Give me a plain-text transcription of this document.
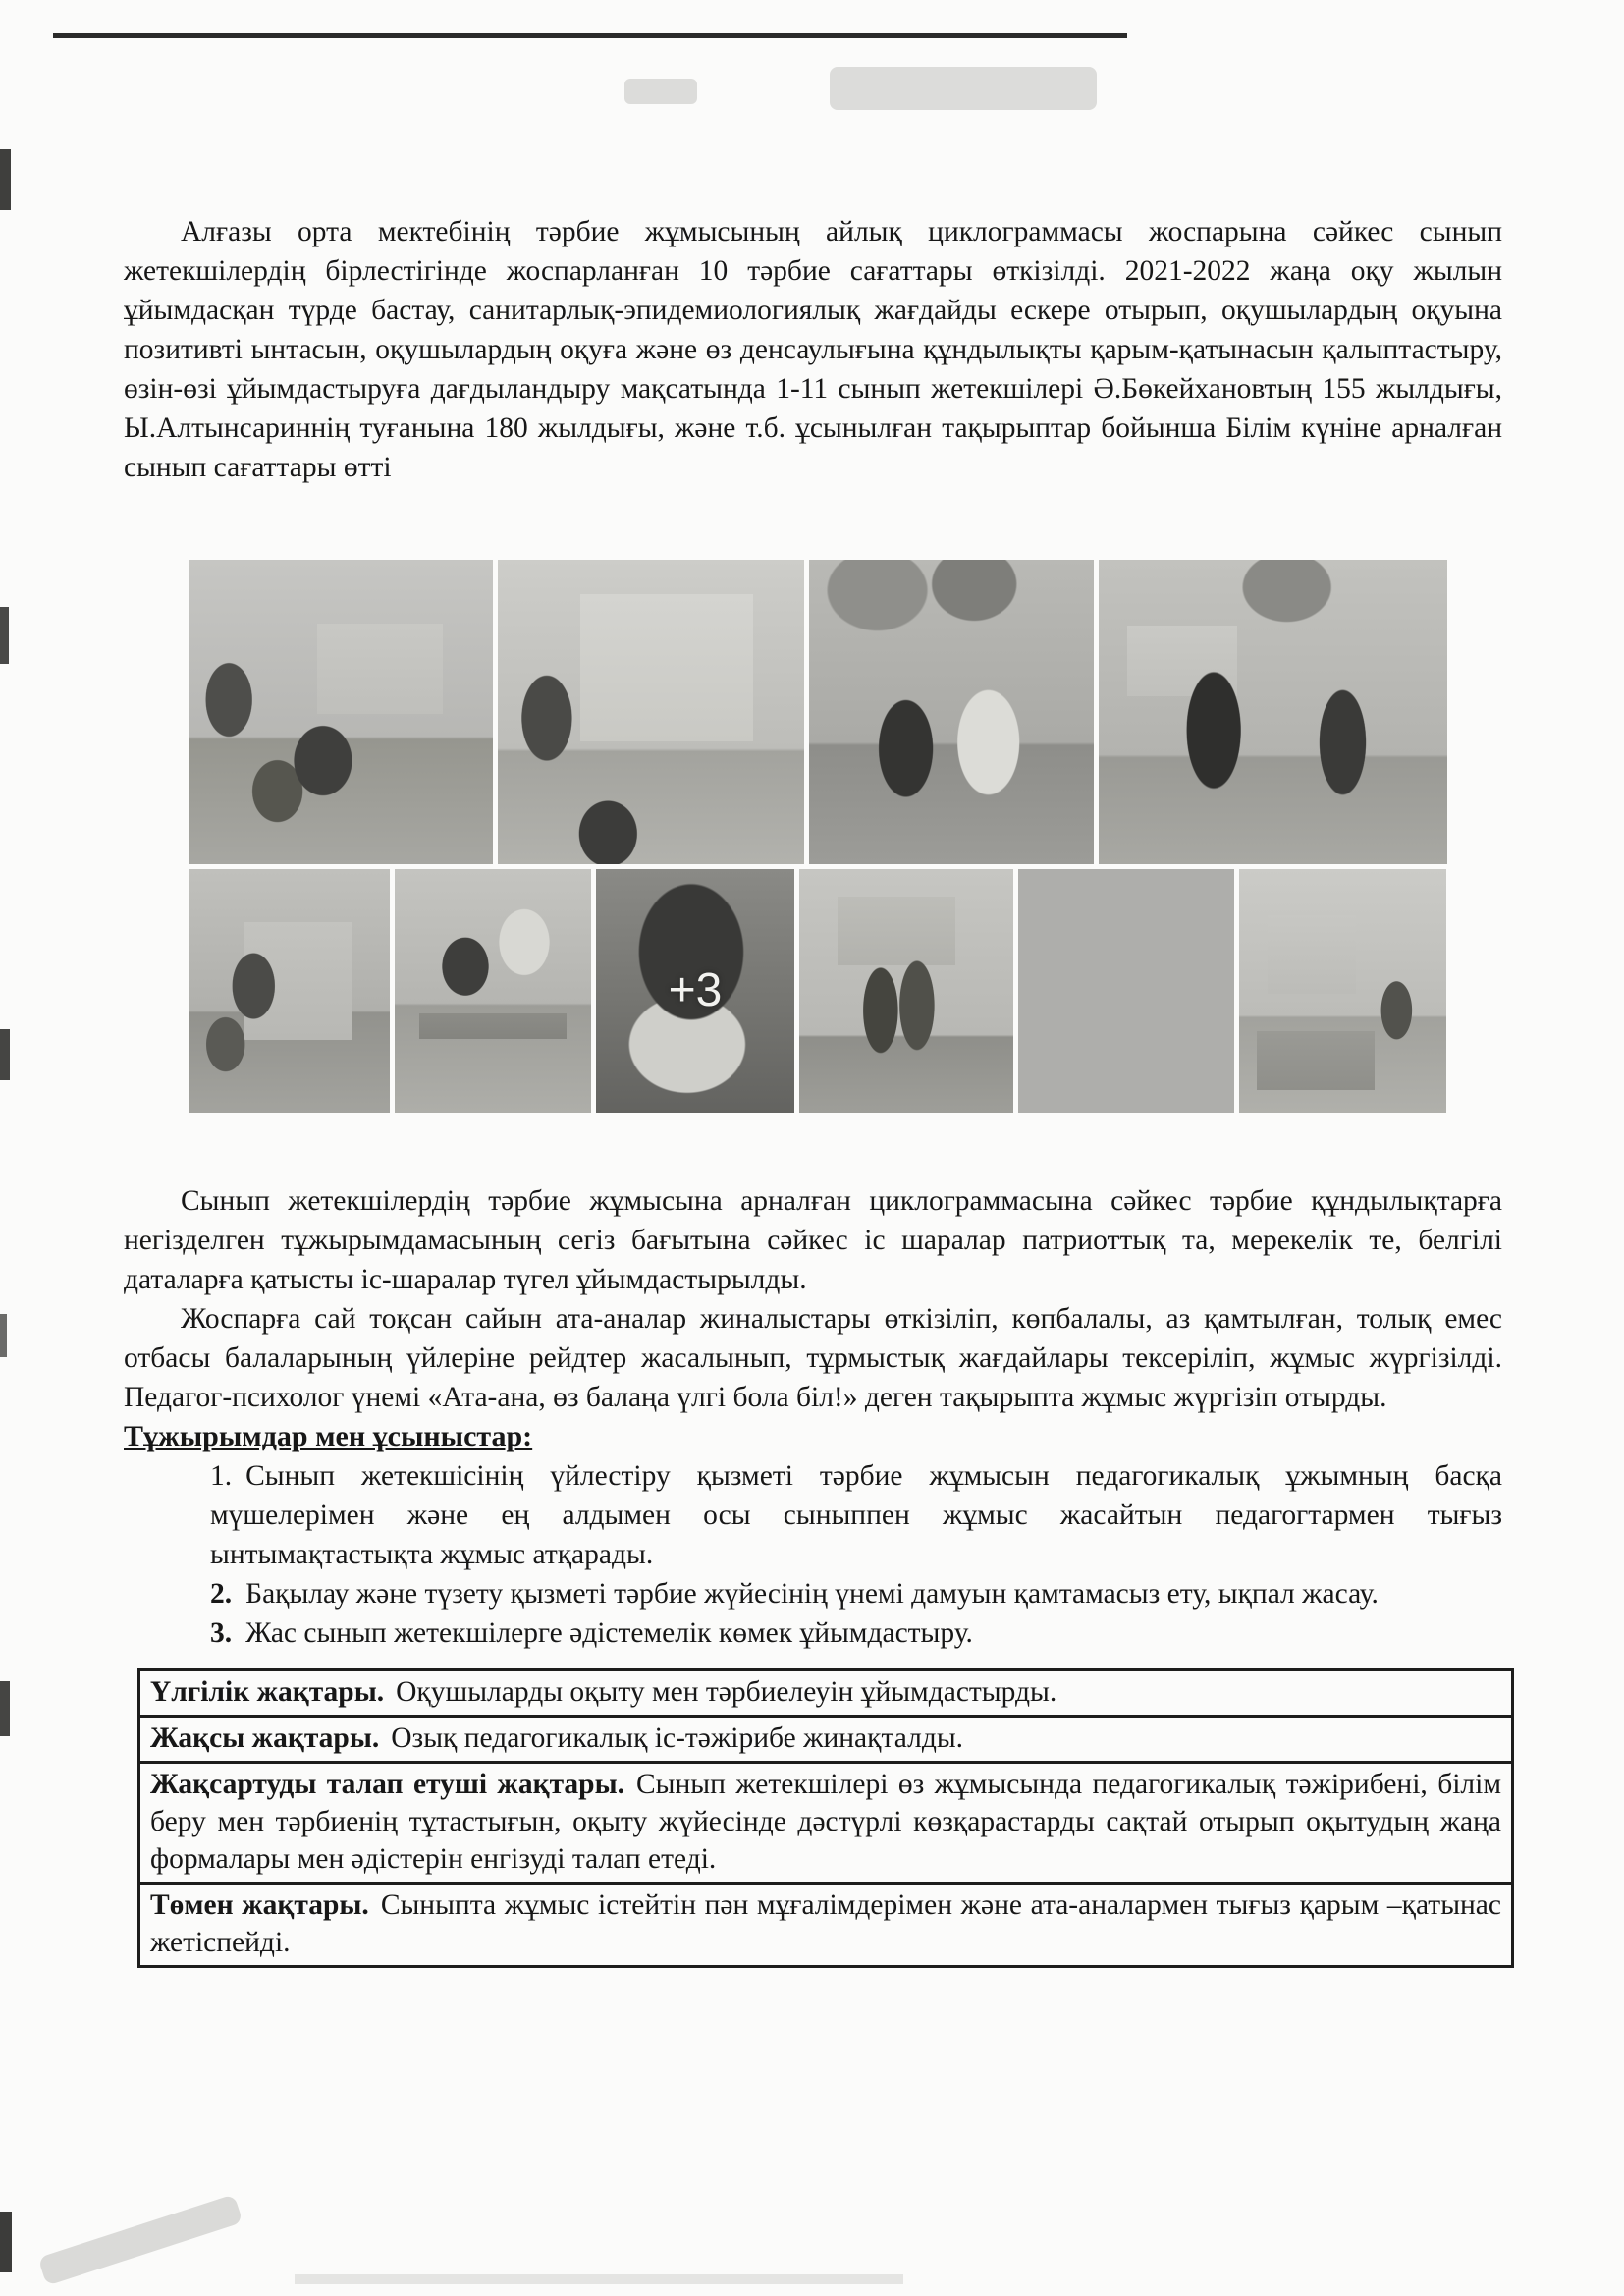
Алғазы орта мектебінің тәрбие жұмысының айлық циклограммасы жоспарына сәйкес сынып жетекшілердің бірлестігінде жоспарланған 10 тәрбие сағаттары өткізілді. 2021-2022 жаңа оқу жылын ұйымдасқан түрде бастау, санитарлық-эпидемиологиялық жағдайды ескере отырып, оқушылардың оқуына позитивті ынтасын, оқушылардың оқуға және өз денсаулығына құндылықты қарым-қатынасын қалыптастыру, өзін-өзі ұйымдастыруға дағдыландыру мақсатында 1-11 сынып жетекшілері Ә.Бөкейхановтың 155 жылдығы, Ы.Алтынсариннің туғанына 180 жылдығы, және т.б. ұсынылған тақырыптар бойынша Білім күніне арналған сынып сағаттары өтті

+3

Сынып жетекшілердің тәрбие жұмысына арналған циклограммасына сәйкес тәрбие құндылықтарға негізделген тұжырымдамасының сегіз бағытына сәйкес іс шаралар патриоттық та, мерекелік те, белгілі даталарға қатысты іс-шаралар түгел ұйымдастырылды.

Жоспарға сай тоқсан сайын ата-аналар жиналыстары өткізіліп, көпбалалы, аз қамтылған, толық емес отбасы балаларының үйлеріне рейдтер жасалынып, тұрмыстық жағдайлары тексеріліп, жұмыс жүргізілді. Педагог-психолог үнемі «Ата-ана, өз балаңа үлгі бола біл!» деген тақырыпта жұмыс жүргізіп отырды.

Тұжырымдар мен ұсыныстар:

1. Сынып жетекшісінің үйлестіру қызметі тәрбие жұмысын педагогикалық ұжымның басқа мүшелерімен және ең алдымен осы сыныппен жұмыс жасайтын педагогтармен тығыз ынтымақтастықта жұмыс атқарады.
2. Бақылау және түзету қызметі тәрбие жүйесінің үнемі дамуын қамтамасыз ету, ықпал жасау.
3. Жас сынып жетекшілерге әдістемелік көмек ұйымдастыру.
Үлгілік жақтары. Оқушыларды оқыту мен тәрбиелеуін ұйымдастырды.
Жақсы жақтары. Озық педагогикалық іс-тәжірибе жинақталды.
Жақсартуды талап етуші жақтары. Сынып жетекшілері өз жұмысында педагогикалық тәжірибені, білім беру мен тәрбиенің тұтастығын, оқыту жүйесінде дәстүрлі көзқарастарды сақтай отырып оқытудың жаңа формалары мен әдістерін енгізуді талап етеді.
Төмен жақтары. Сыныпта жұмыс істейтін пән мұғалімдерімен және ата-аналармен тығыз қарым –қатынас жетіспейді.
